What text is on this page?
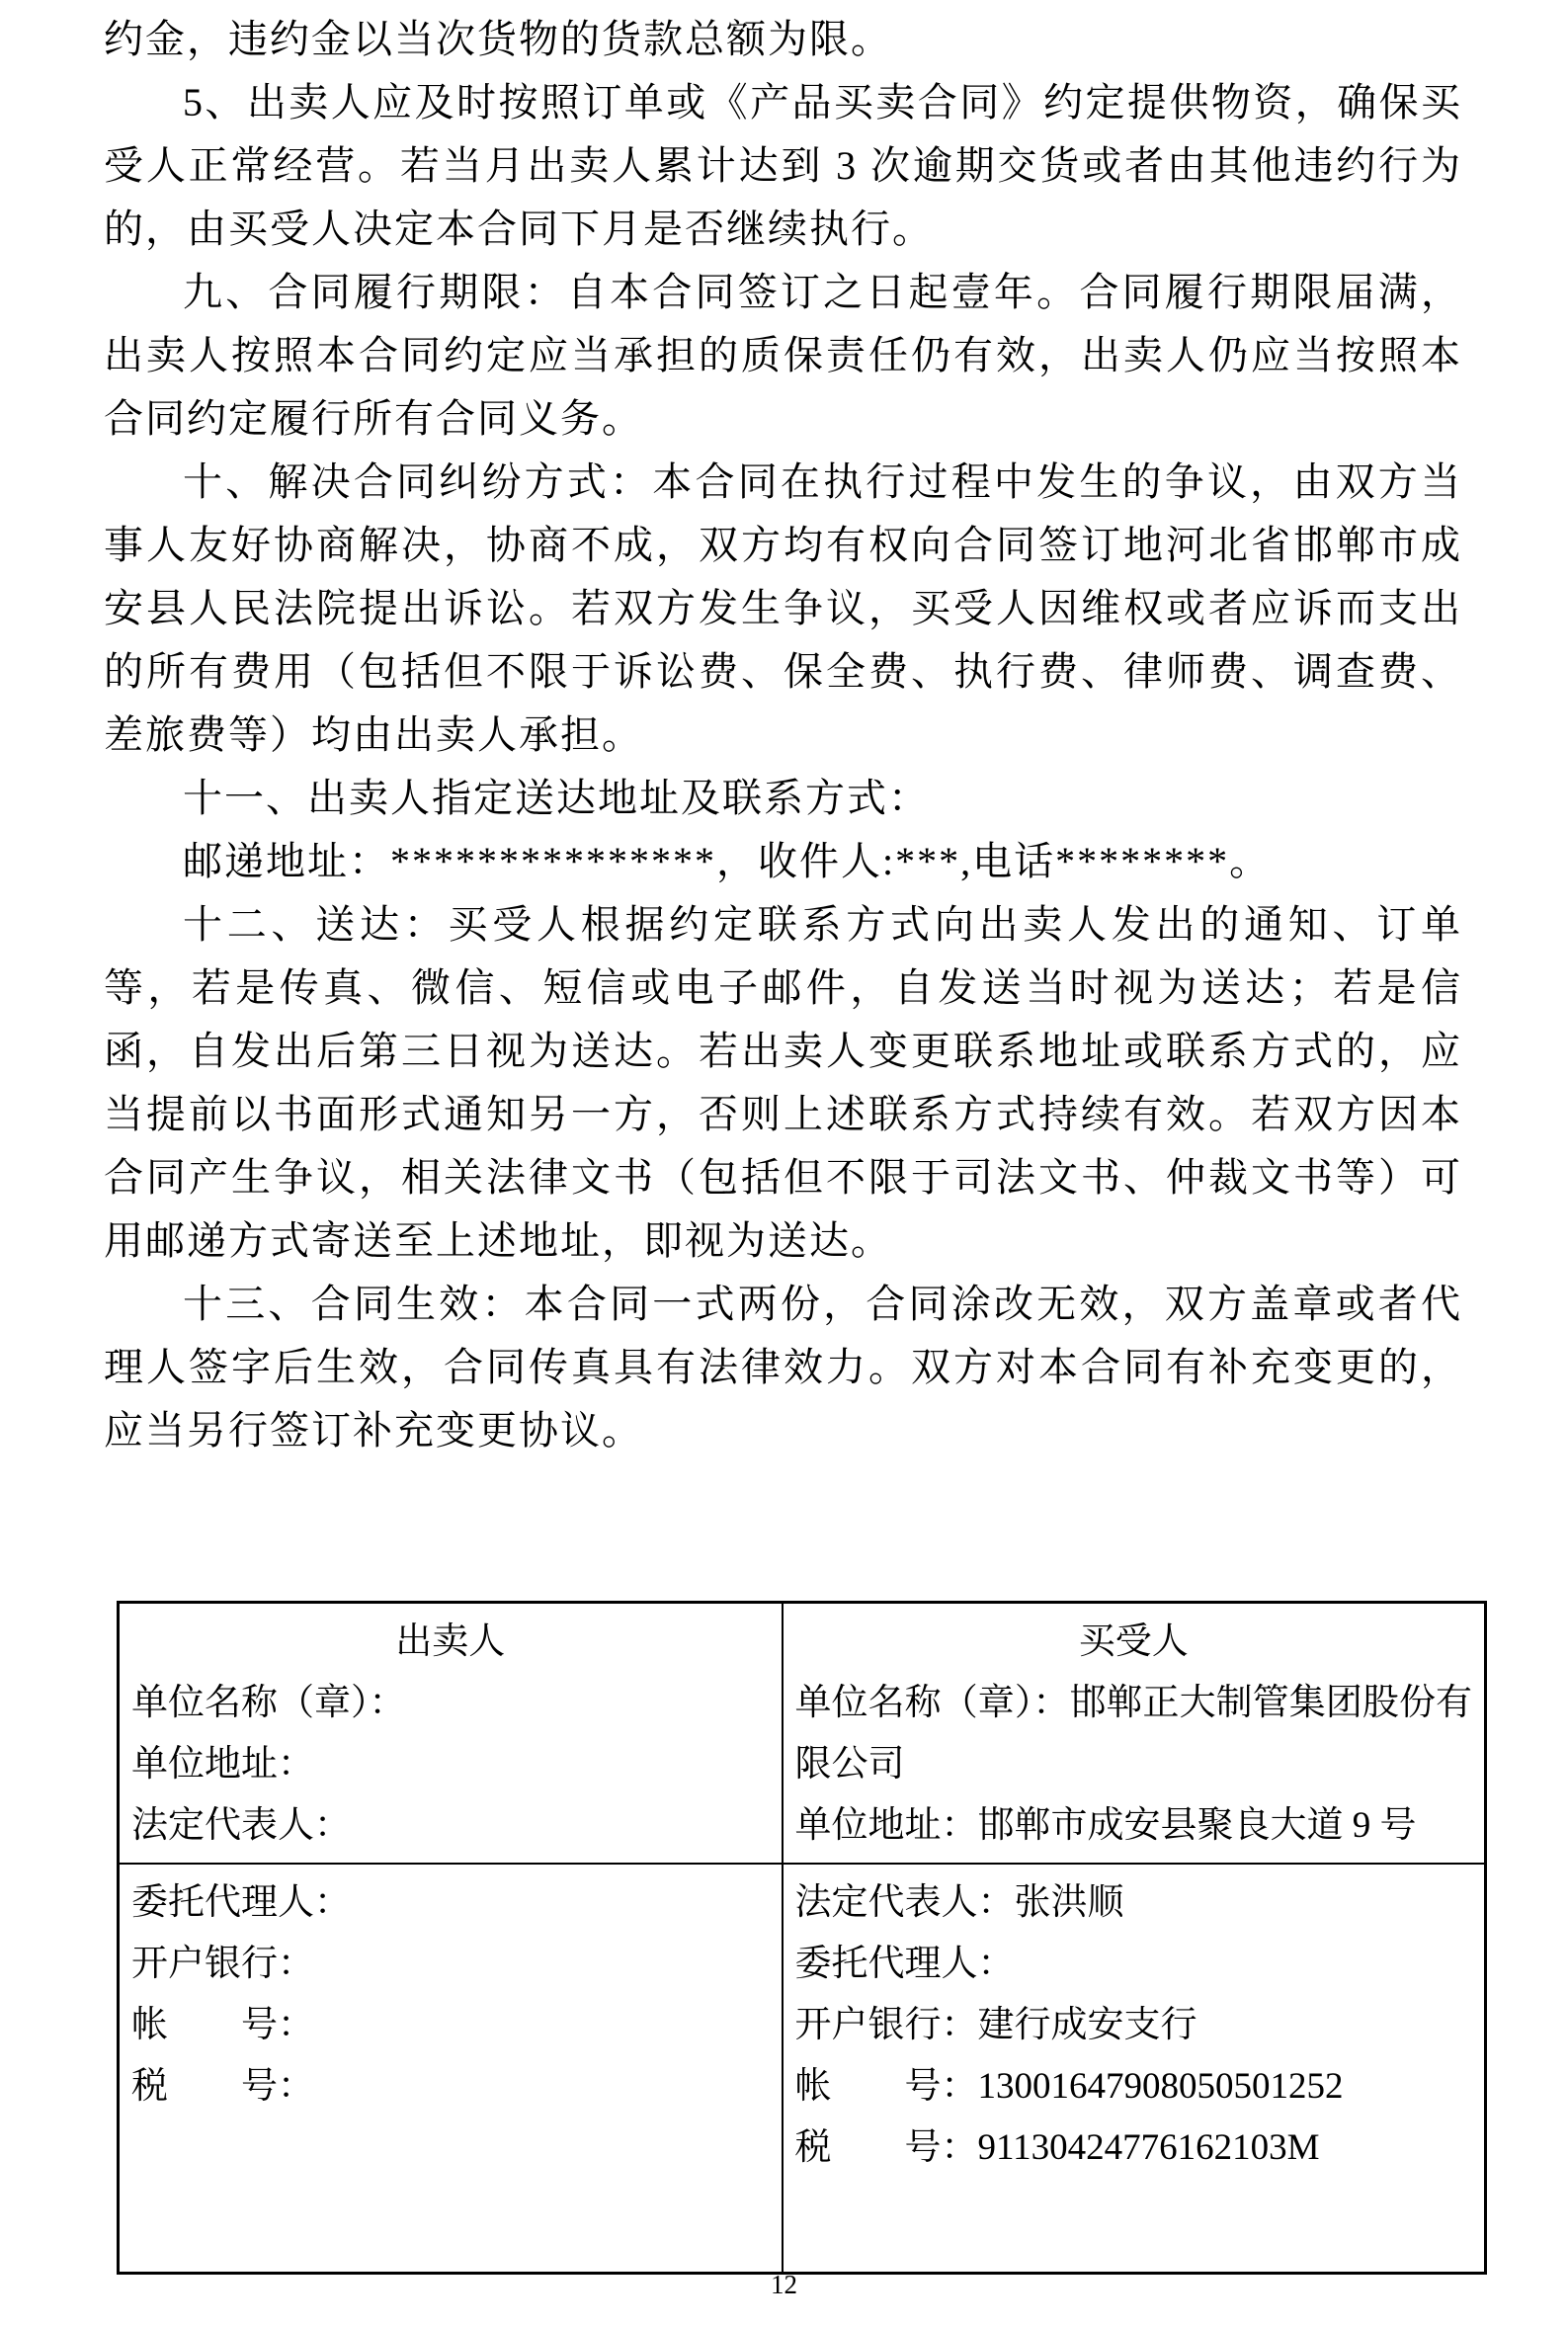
约金，违约金以当次货物的货款总额为限。

5、出卖人应及时按照订单或《产品买卖合同》约定提供物资，确保买受人正常经营。若当月出卖人累计达到 3 次逾期交货或者由其他违约行为的，由买受人决定本合同下月是否继续执行。

九、合同履行期限：自本合同签订之日起壹年。合同履行期限届满，出卖人按照本合同约定应当承担的质保责任仍有效，出卖人仍应当按照本合同约定履行所有合同义务。

十、解决合同纠纷方式：本合同在执行过程中发生的争议，由双方当事人友好协商解决，协商不成，双方均有权向合同签订地河北省邯郸市成安县人民法院提出诉讼。若双方发生争议，买受人因维权或者应诉而支出的所有费用（包括但不限于诉讼费、保全费、执行费、律师费、调查费、差旅费等）均由出卖人承担。

十一、出卖人指定送达地址及联系方式：

邮递地址：***************，收件人:***,电话********。

十二、送达：买受人根据约定联系方式向出卖人发出的通知、订单等，若是传真、微信、短信或电子邮件，自发送当时视为送达；若是信函，自发出后第三日视为送达。若出卖人变更联系地址或联系方式的，应当提前以书面形式通知另一方，否则上述联系方式持续有效。若双方因本合同产生争议，相关法律文书（包括但不限于司法文书、仲裁文书等）可用邮递方式寄送至上述地址，即视为送达。

十三、合同生效：本合同一式两份，合同涂改无效，双方盖章或者代理人签字后生效，合同传真具有法律效力。双方对本合同有补充变更的，应当另行签订补充变更协议。

出卖人
单位名称（章）：
单位地址：
法定代表人：

买受人
单位名称（章）：邯郸正大制管集团股份有限公司
单位地址：邯郸市成安县聚良大道 9 号

委托代理人：
开户银行：
帐　　号：
税　　号：

法定代表人：张洪顺
委托代理人：
开户银行：建行成安支行
帐　　号：13001647908050501252
税　　号：91130424776162103M
12
